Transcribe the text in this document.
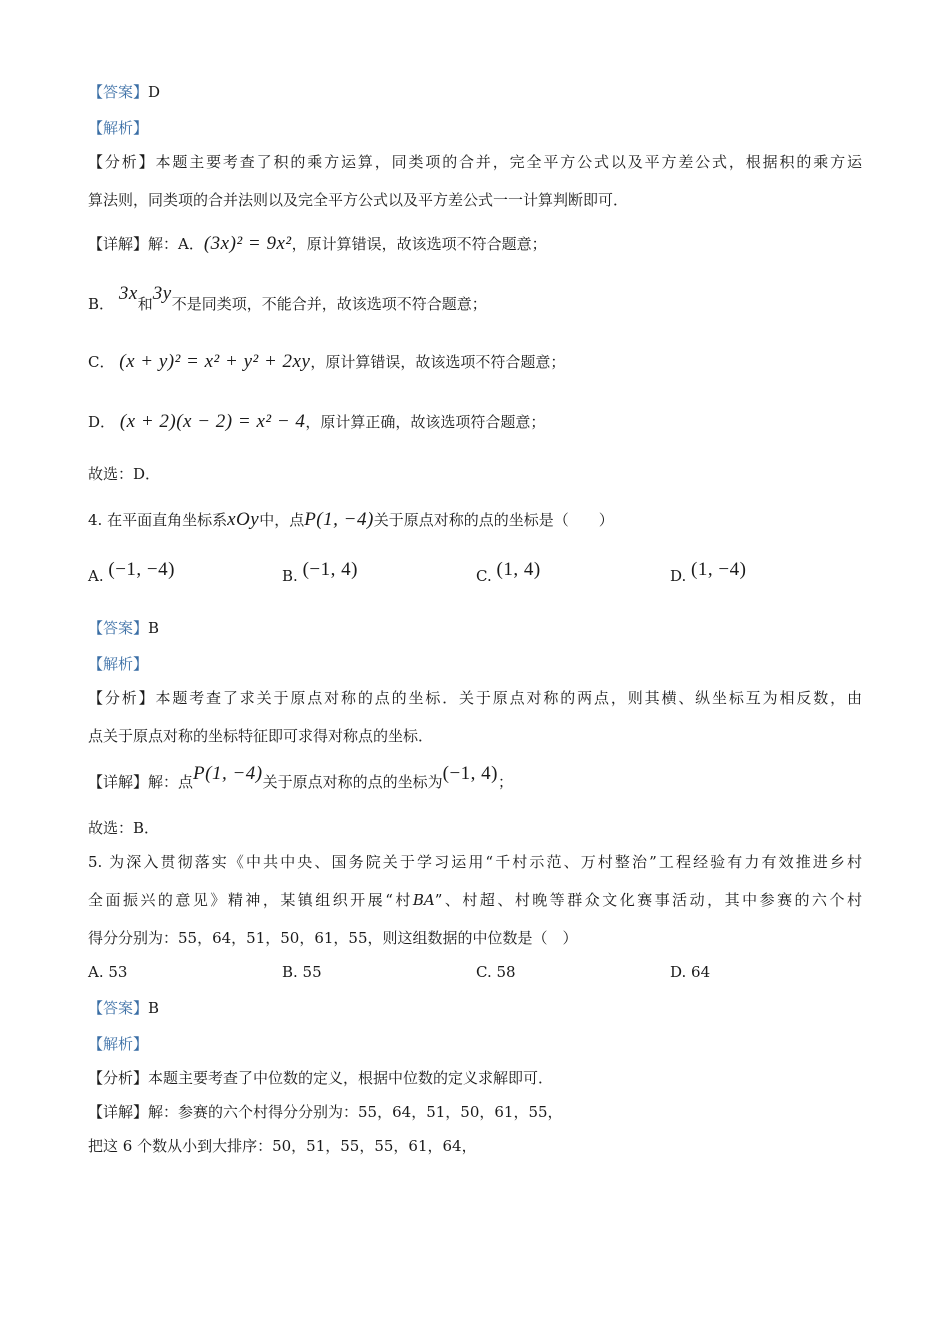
【答案】D
【解析】
【分析】本题主要考查了积的乘方运算，同类项的合并，完全平方公式以及平方差公式，根据积的乘方运
算法则，同类项的合并法则以及完全平方公式以及平方差公式一一计算判断即可．
【详解】解：A．(3x)² = 9x²，原计算错误，故该选项不符合题意；
B． 3x和3y不是同类项，不能合并，故该选项不符合题意；
C． (x + y)² = x² + y² + 2xy，原计算错误，故该选项不符合题意；
D． (x + 2)(x − 2) = x² − 4，原计算正确，故该选项符合题意；
故选：D．
4. 在平面直角坐标系xOy中，点P(1, −4)关于原点对称的点的坐标是（　　）
A. (−1, −4)	B. (−1, 4)	C. (1, 4)	D. (1, −4)
【答案】B
【解析】
【分析】本题考查了求关于原点对称的点的坐标．关于原点对称的两点，则其横、纵坐标互为相反数，由
点关于原点对称的坐标特征即可求得对称点的坐标．
【详解】解：点P(1, −4)关于原点对称的点的坐标为(−1, 4)；
故选：B．
5. 为深入贯彻落实《中共中央、国务院关于学习运用“千村示范、万村整治”工程经验有力有效推进乡村
全面振兴的意见》精神，某镇组织开展“村BA”、村超、村晚等群众文化赛事活动，其中参赛的六个村
得分分别为：55，64，51，50，61，55，则这组数据的中位数是（　）
A. 53	B. 55	C. 58	D. 64
【答案】B
【解析】
【分析】本题主要考查了中位数的定义，根据中位数的定义求解即可．
【详解】解：参赛的六个村得分分别为：55，64，51，50，61，55，
把这 6 个数从小到大排序：50，51，55，55，61，64，
